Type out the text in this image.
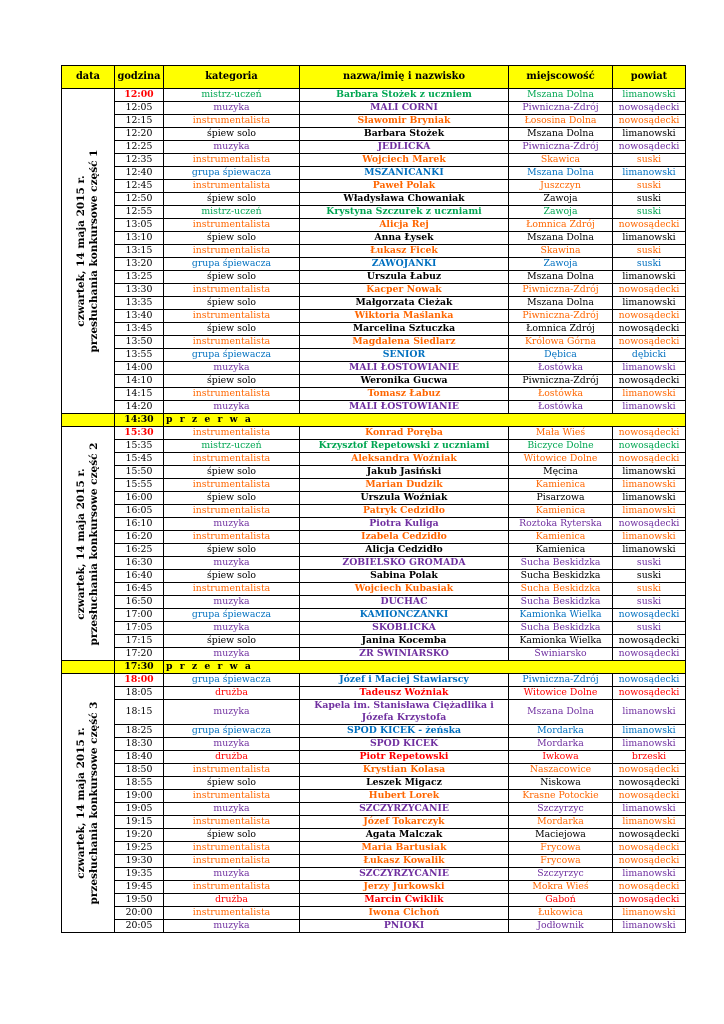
data	godzina	kategoria	nazwa/imię i nazwisko	miejscowość	powiat

czwartek, 14 maja 2015 r. przesłuchania konkursowe część 1	12:00	mistrz-uczeń	Barbara Stożek z uczniem	Mszana Dolna	limanowski
	12:05	muzyka	MALI CORNI	Piwniczna-Zdrój	nowosądecki
	12:15	instrumentalista	Sławomir Bryniak	Łososina Dolna	nowosądecki
	12:20	śpiew solo	Barbara Stożek	Mszana Dolna	limanowski
	12:25	muzyka	JEDLICKA	Piwniczna-Zdrój	nowosądecki
	12:35	instrumentalista	Wojciech Marek	Skawica	suski
	12:40	grupa śpiewacza	MSZANICANKI	Mszana Dolna	limanowski
	12:45	instrumentalista	Paweł Polak	Juszczyn	suski
	12:50	śpiew solo	Władysława Chowaniak	Zawoja	suski
	12:55	mistrz-uczeń	Krystyna Szczurek z uczniami	Zawoja	suski
	13:05	instrumentalista	Alicja Rej	Łomnica Zdrój	nowosądecki
	13:10	śpiew solo	Anna Łysek	Mszana Dolna	limanowski
	13:15	instrumentalista	Łukasz Ficek	Skawina	suski
	13:20	grupa śpiewacza	ZAWOJANKI	Zawoja	suski
	13:25	śpiew solo	Urszula Łabuz	Mszana Dolna	limanowski
	13:30	instrumentalista	Kacper Nowak	Piwniczna-Zdrój	nowosądecki
	13:35	śpiew solo	Małgorzata Cieżak	Mszana Dolna	limanowski
	13:40	instrumentalista	Wiktoria Maślanka	Piwniczna-Zdrój	nowosądecki
	13:45	śpiew solo	Marcelina Sztuczka	Łomnica Zdrój	nowosądecki
	13:50	instrumentalista	Magdalena Siedlarz	Królowa Górna	nowosądecki
	13:55	grupa śpiewacza	SENIOR	Dębica	dębicki
	14:00	muzyka	MALI ŁOSTOWIANIE	Łostówka	limanowski
	14:10	śpiew solo	Weronika Gucwa	Piwniczna-Zdrój	nowosądecki
	14:15	instrumentalista	Tomasz Łabuz	Łostówka	limanowski
	14:20	muzyka	MALI ŁOSTOWIANIE	Łostówka	limanowski
	14:30	p r z e r w a			

czwartek, 14 maja 2015 r. przesłuchania konkursowe część 2	15:30	instrumentalista	Konrad Poręba	Mała Wieś	nowosądecki
	15:35	mistrz-uczeń	Krzysztof Repetowski z uczniami	Biczyce Dolne	nowosądecki
	15:45	instrumentalista	Aleksandra Woźniak	Witowice Dolne	nowosądecki
	15:50	śpiew solo	Jakub Jasiński	Męcina	limanowski
	15:55	instrumentalista	Marian Dudzik	Kamienica	limanowski
	16:00	śpiew solo	Urszula Woźniak	Pisarzowa	limanowski
	16:05	instrumentalista	Patryk Cedzidło	Kamienica	limanowski
	16:10	muzyka	Piotra Kuliga	Roztoka Ryterska	nowosądecki
	16:20	instrumentalista	Izabela Cedzidło	Kamienica	limanowski
	16:25	śpiew solo	Alicja Cedzidło	Kamienica	limanowski
	16:30	muzyka	ZOBIELSKO GROMADA	Sucha Beskidzka	suski
	16:40	śpiew solo	Sabina Polak	Sucha Beskidzka	suski
	16:45	instrumentalista	Wojciech Kubasiak	Sucha Beskidzka	suski
	16:50	muzyka	DUCHAC	Sucha Beskidzka	suski
	17:00	grupa śpiewacza	KAMIONCZANKI	Kamionka Wielka	nowosądecki
	17:05	muzyka	SKOBLICKA	Sucha Beskidzka	suski
	17:15	śpiew solo	Janina Kocemba	Kamionka Wielka	nowosądecki
	17:20	muzyka	ZR ŚWINIARSKO	Świniarsko	nowosądecki
	17:30	p r z e r w a			

czwartek, 14 maja 2015 r. przesłuchania konkursowe część 3	18:00	grupa śpiewacza	Józef i Maciej Stawiarscy	Piwniczna-Zdrój	nowosądecki
	18:05	drużba	Tadeusz Woźniak	Witowice Dolne	nowosądecki
	18:15	muzyka	Kapela im. Stanisława Ciężadlika i Józefa Krzystofa	Mszana Dolna	limanowski
	18:25	grupa śpiewacza	SPOD KICEK - żeńska	Mordarka	limanowski
	18:30	muzyka	SPOD KICEK	Mordarka	limanowski
	18:40	drużba	Piotr Repetowski	Iwkowa	brzeski
	18:50	instrumentalista	Krystian Kolasa	Naszacowice	nowosądecki
	18:55	śpiew solo	Leszek Migacz	Niskowa	nowosądecki
	19:00	instrumentalista	Hubert Lorek	Krasne Potockie	nowosądecki
	19:05	muzyka	SZCZYRZYCANIE	Szczyrzyc	limanowski
	19:15	instrumentalista	Józef Tokarczyk	Mordarka	limanowski
	19:20	śpiew solo	Agata Malczak	Maciejowa	nowosądecki
	19:25	instrumentalista	Maria Bartusiak	Frycowa	nowosądecki
	19:30	instrumentalista	Łukasz Kowalik	Frycowa	nowosądecki
	19:35	muzyka	SZCZYRZYCANIE	Szczyrzyc	limanowski
	19:45	instrumentalista	Jerzy Jurkowski	Mokra Wieś	nowosądecki
	19:50	drużba	Marcin Ćwiklik	Gaboń	nowosądecki
	20:00	instrumentalista	Iwona Cichoń	Łukowica	limanowski
	20:05	muzyka	PNIOKI	Jodłownik	limanowski
